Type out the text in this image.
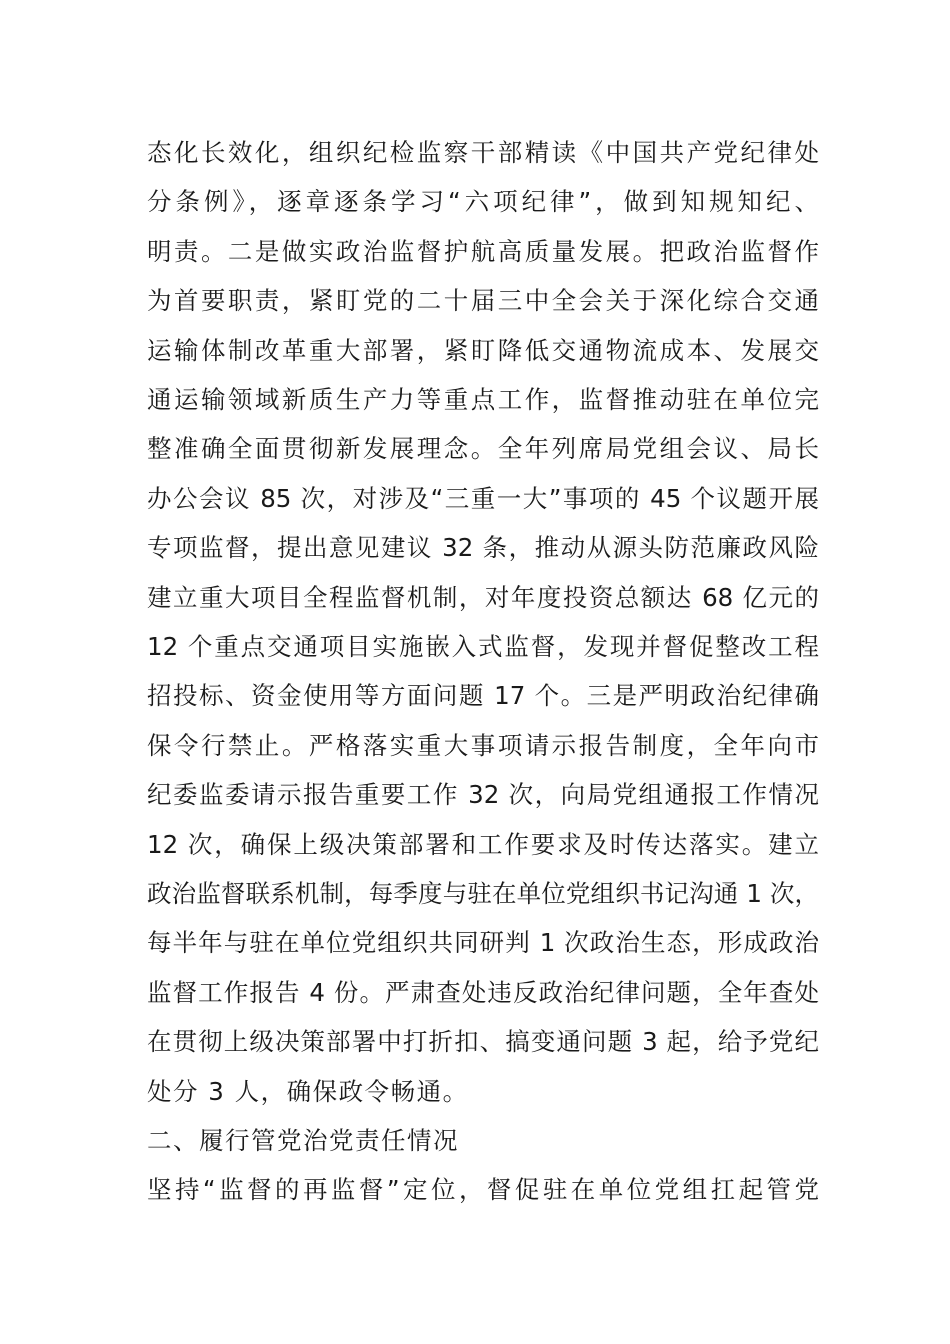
态化长效化，组织纪检监察干部精读《中国共产党纪律处
分条例》，逐章逐条学习“六项纪律”，做到知规知纪、
明责。二是做实政治监督护航高质量发展。把政治监督作
为首要职责，紧盯党的二十届三中全会关于深化综合交通
运输体制改革重大部署，紧盯降低交通物流成本、发展交
通运输领域新质生产力等重点工作，监督推动驻在单位完
整准确全面贯彻新发展理念。全年列席局党组会议、局长
办公会议 85 次，对涉及“三重一大”事项的 45 个议题开展
专项监督，提出意见建议 32 条，推动从源头防范廉政风险
建立重大项目全程监督机制，对年度投资总额达 68 亿元的
12 个重点交通项目实施嵌入式监督，发现并督促整改工程
招投标、资金使用等方面问题 17 个。三是严明政治纪律确
保令行禁止。严格落实重大事项请示报告制度，全年向市
纪委监委请示报告重要工作 32 次，向局党组通报工作情况
12 次，确保上级决策部署和工作要求及时传达落实。建立
政治监督联系机制，每季度与驻在单位党组织书记沟通 1 次，
每半年与驻在单位党组织共同研判 1 次政治生态，形成政治
监督工作报告 4 份。严肃查处违反政治纪律问题，全年查处
在贯彻上级决策部署中打折扣、搞变通问题 3 起，给予党纪
处分 3 人，确保政令畅通。
二、履行管党治党责任情况
坚持“监督的再监督”定位，督促驻在单位党组扛起管党
